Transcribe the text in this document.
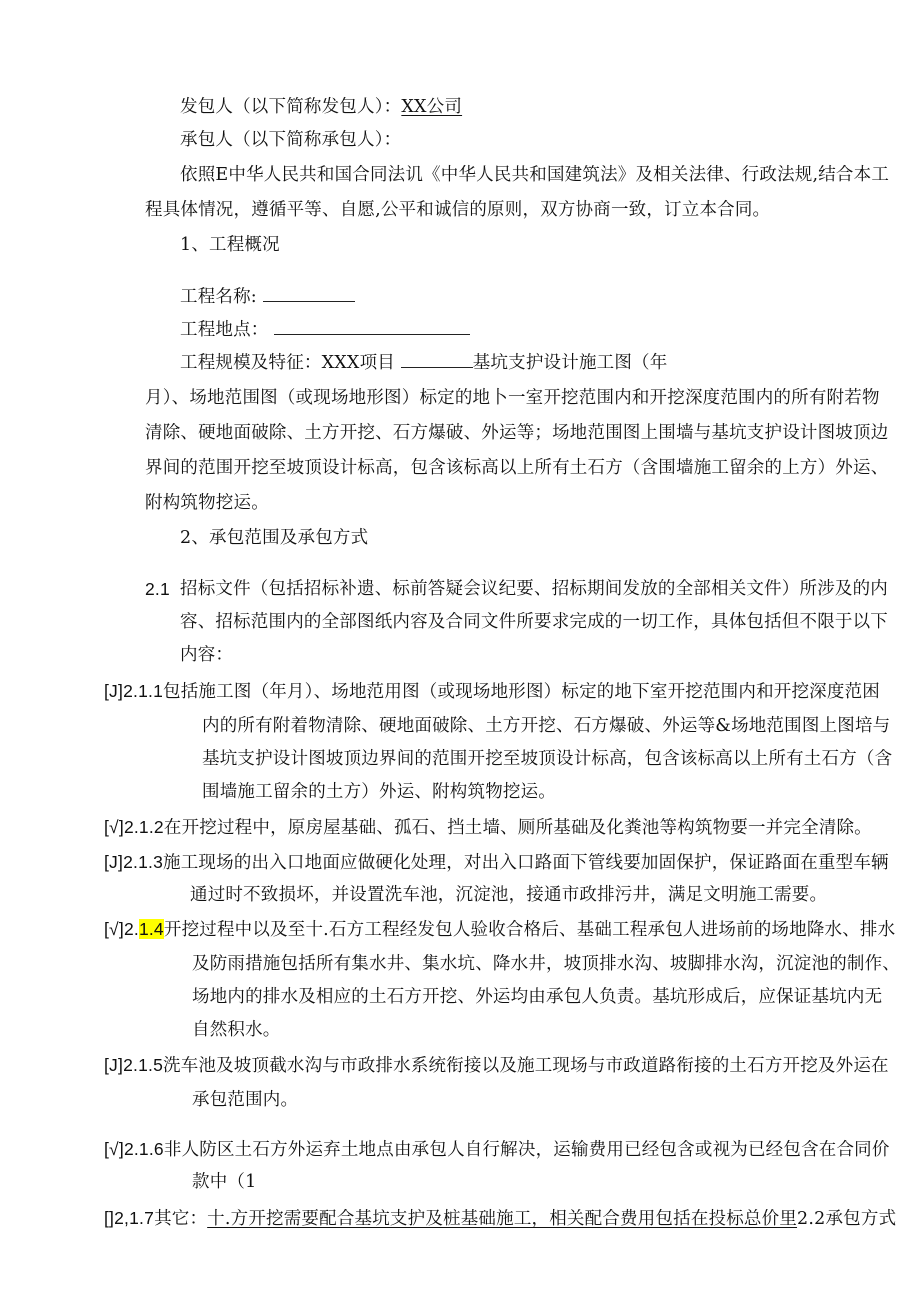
发包人（以下简称发包人）：XX公司
承包人（以下简称承包人）：
依照E中华人民共和国合同法讥《中华人民共和国建筑法》及相关法律、行政法规,结合本工
程具体情况，遵循平等、自愿,公平和诚信的原则，双方协商一致，订立本合同。
1、工程概况
工程名称:
工程地点：
工程规模及特征：XXX项目	基坑支护设计施工图（年
月）、场地范围图（或现场地形图）标定的地卜一室开挖范围内和开挖深度范围内的所有附若物
清除、硬地面破除、土方开挖、石方爆破、外运等；场地范围图上围墙与基坑支护设计图坡顶边
界间的范围开挖至坡顶设计标高，包含该标高以上所有土石方（含围墙施工留余的上方）外运、
附构筑物挖运。
2、承包范围及承包方式
2.1 招标文件（包括招标补遗、标前答疑会议纪要、招标期间发放的全部相关文件）所涉及的内
容、招标范围内的全部图纸内容及合同文件所要求完成的一切工作，具体包括但不限于以下
内容：
[J]2.1.1包括施工图（年月）、场地范用图（或现场地形图）标定的地下室开挖范围内和开挖深度范困
内的所有附着物清除、硬地面破除、土方开挖、石方爆破、外运等&场地范围图上图培与
基坑支护设计图坡顶边界间的范围开挖至坡顶设计标高，包含该标高以上所有土石方（含
围墙施工留余的土方）外运、附构筑物挖运。
[√]2.1.2在开挖过程中，原房屋基础、孤石、挡土墙、厕所基础及化粪池等构筑物要一并完全清除。
[J]2.1.3施工现场的出入口地面应做硬化处理，对出入口路面下管线要加固保护，保证路面在重型车辆
通过时不致损坏，并设置洗车池，沉淀池，接通市政排污井，满足文明施工需要。
[√]2.1.4开挖过程中以及至十.石方工程经发包人验收合格后、基础工程承包人进场前的场地降水、排水
及防雨措施包括所有集水井、集水坑、降水井，坡顶排水沟、坡脚排水沟，沉淀池的制作、
场地内的排水及相应的土石方开挖、外运均由承包人负责。基坑形成后，应保证基坑内无
自然积水。
[J]2.1.5洗车池及坡顶截水沟与市政排水系统衔接以及施工现场与市政道路衔接的土石方开挖及外运在
承包范围内。
[√]2.1.6非人防区土石方外运弃土地点由承包人自行解决，运输费用已经包含或视为已经包含在合同价
款中（1
[]2,1.7其它：十.方开挖需要配合基坑支护及桩基础施工，相关配合费用包括在投标总价里2.2承包方式
